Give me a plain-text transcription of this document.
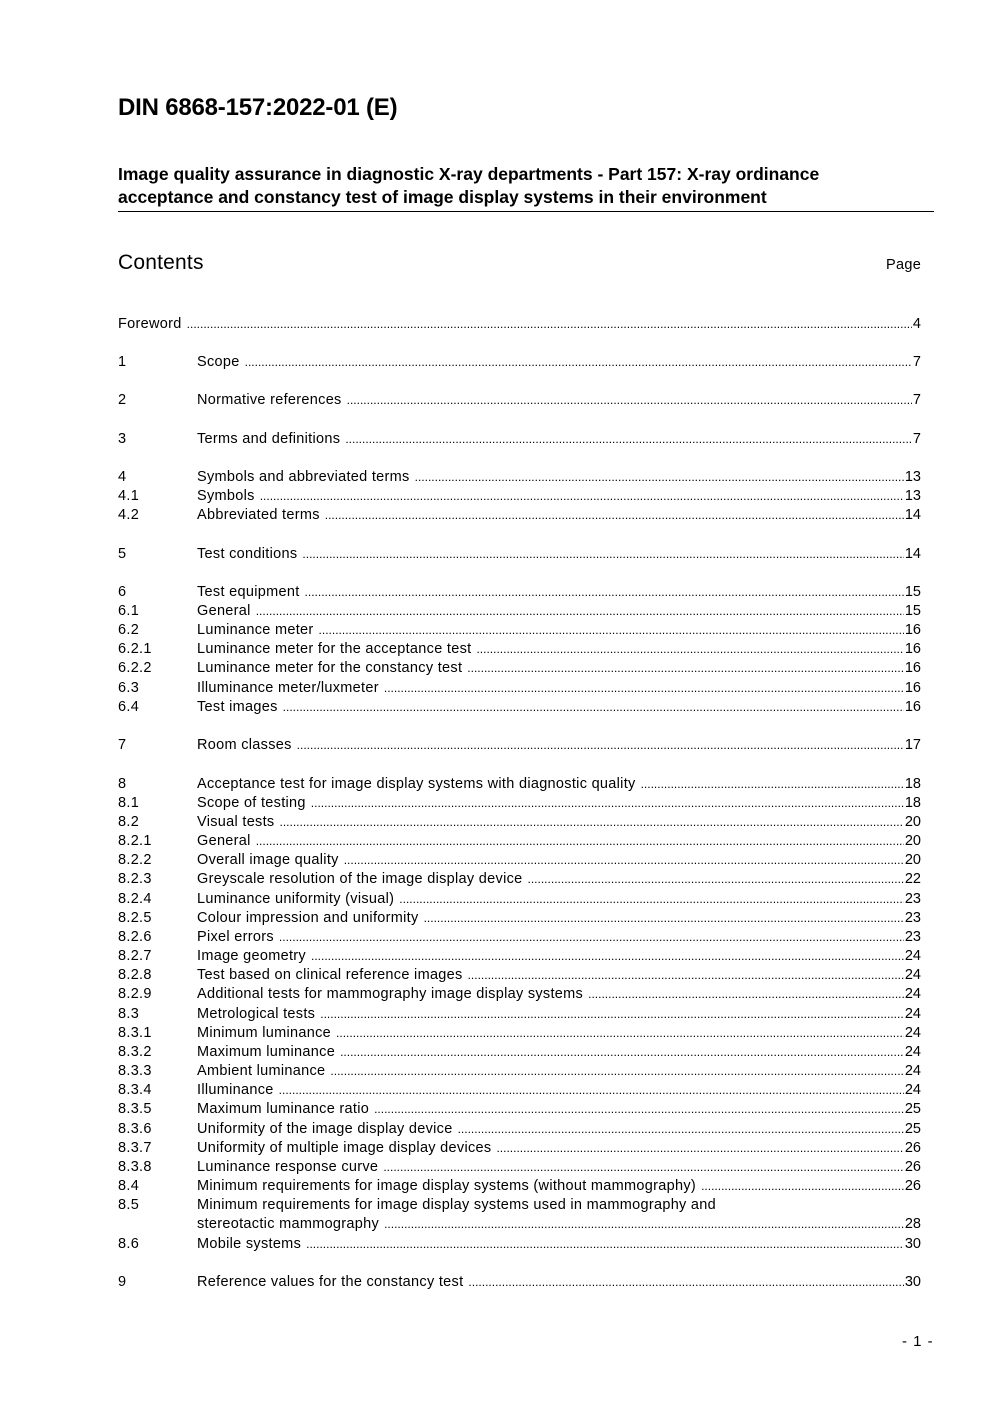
DIN 6868-157:2022-01 (E)
Image quality assurance in diagnostic X-ray departments - Part 157: X-ray ordinance
acceptance and constancy test of image display systems in their environment
Contents	Page
Foreword .....	4
1	Scope .....	7
2	Normative references .....	7
3	Terms and definitions .....	7
4	Symbols and abbreviated terms .....	13
4.1	Symbols .....	13
4.2	Abbreviated terms .....	14
5	Test conditions .....	14
6	Test equipment .....	15
6.1	General .....	15
6.2	Luminance meter .....	16
6.2.1	Luminance meter for the acceptance test .....	16
6.2.2	Luminance meter for the constancy test .....	16
6.3	Illuminance meter/luxmeter .....	16
6.4	Test images .....	16
7	Room classes .....	17
8	Acceptance test for image display systems with diagnostic quality .....	18
8.1	Scope of testing .....	18
8.2	Visual tests .....	20
8.2.1	General .....	20
8.2.2	Overall image quality .....	20
8.2.3	Greyscale resolution of the image display device .....	22
8.2.4	Luminance uniformity (visual) .....	23
8.2.5	Colour impression and uniformity .....	23
8.2.6	Pixel errors .....	23
8.2.7	Image geometry .....	24
8.2.8	Test based on clinical reference images .....	24
8.2.9	Additional tests for mammography image display systems .....	24
8.3	Metrological tests .....	24
8.3.1	Minimum luminance .....	24
8.3.2	Maximum luminance .....	24
8.3.3	Ambient luminance .....	24
8.3.4	Illuminance .....	24
8.3.5	Maximum luminance ratio .....	25
8.3.6	Uniformity of the image display device .....	25
8.3.7	Uniformity of multiple image display devices .....	26
8.3.8	Luminance response curve .....	26
8.4	Minimum requirements for image display systems (without mammography) .....	26
8.5	Minimum requirements for image display systems used in mammography and
stereotactic mammography .....	28
8.6	Mobile systems .....	30
9	Reference values for the constancy test .....	30
- 1 -
